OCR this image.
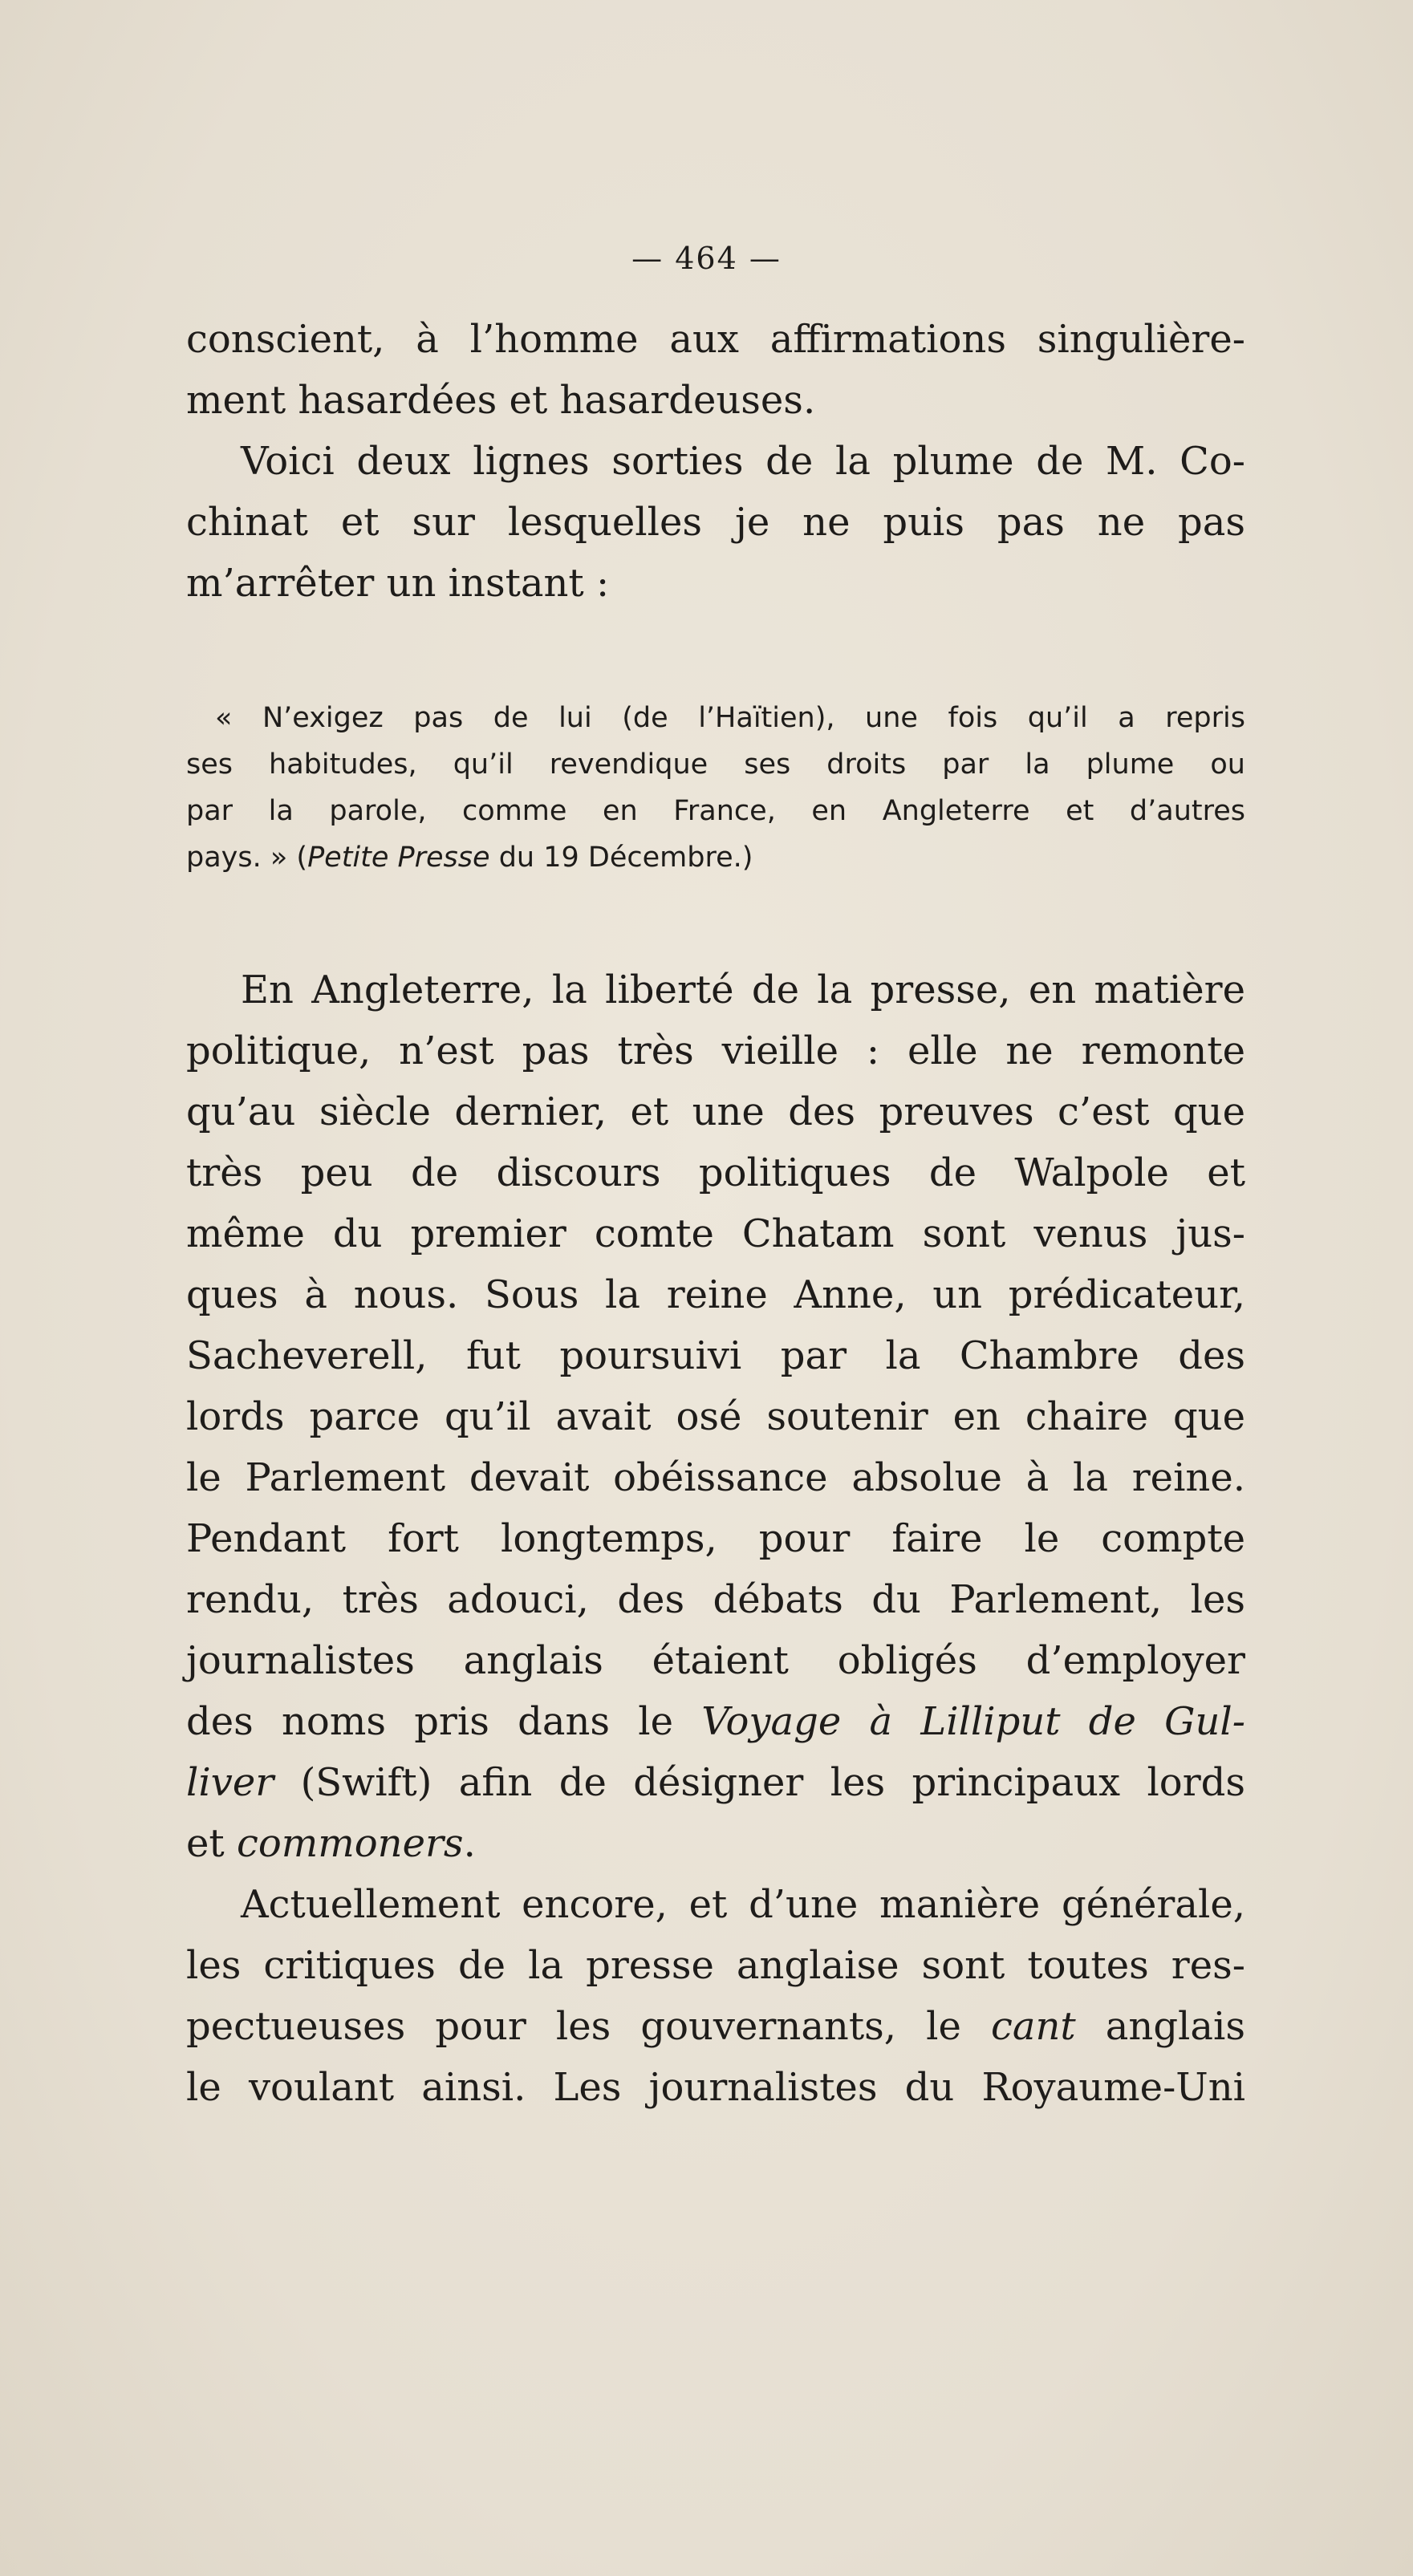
— 464 —
conscient, à l’homme aux affirmations singulière-
ment hasardées et hasardeuses.
Voici deux lignes sorties de la plume de M. Co-
chinat et sur lesquelles je ne puis pas ne pas
m’arrêter un instant :
« N’exigez pas de lui (de l’Haïtien), une fois qu’il a repris
ses habitudes, qu’il revendique ses droits par la plume ou
par la parole, comme en France, en Angleterre et d’autres
pays. » (Petite Presse du 19 Décembre.)
En Angleterre, la liberté de la presse, en matière
politique, n’est pas très vieille : elle ne remonte
qu’au siècle dernier, et une des preuves c’est que
très peu de discours politiques de Walpole et
même du premier comte Chatam sont venus jus-
ques à nous. Sous la reine Anne, un prédicateur,
Sacheverell, fut poursuivi par la Chambre des
lords parce qu’il avait osé soutenir en chaire que
le Parlement devait obéissance absolue à la reine.
Pendant fort longtemps, pour faire le compte
rendu, très adouci, des débats du Parlement, les
journalistes anglais étaient obligés d’employer
des noms pris dans le Voyage à Lilliput de Gul-
liver (Swift) afin de désigner les principaux lords
et commoners.
Actuellement encore, et d’une manière générale,
les critiques de la presse anglaise sont toutes res-
pectueuses pour les gouvernants, le cant anglais
le voulant ainsi. Les journalistes du Royaume-Uni
